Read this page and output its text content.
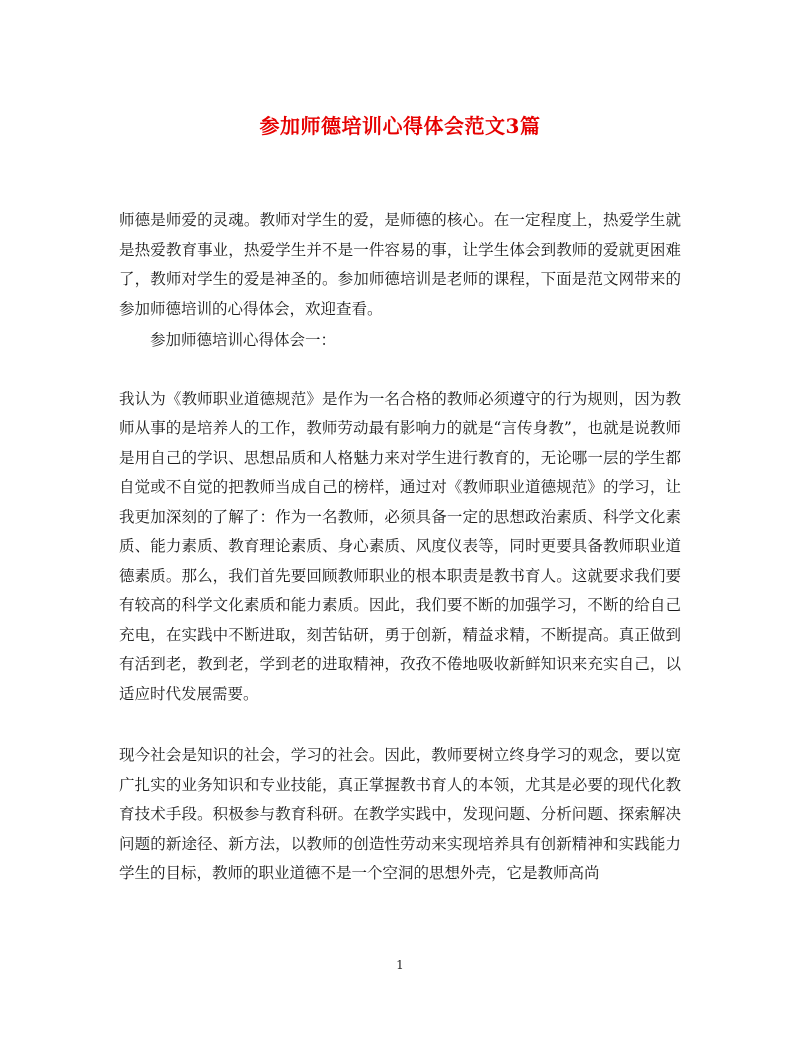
参加师德培训心得体会范文3篇

师德是师爱的灵魂。教师对学生的爱，是师德的核心。在一定程度上，热爱学生就是热爱教育事业，热爱学生并不是一件容易的事，让学生体会到教师的爱就更困难了，教师对学生的爱是神圣的。参加师德培训是老师的课程，下面是范文网带来的参加师德培训的心得体会，欢迎查看。

参加师德培训心得体会一：

我认为《教师职业道德规范》是作为一名合格的教师必须遵守的行为规则，因为教师从事的是培养人的工作，教师劳动最有影响力的就是“言传身教”，也就是说教师是用自己的学识、思想品质和人格魅力来对学生进行教育的，无论哪一层的学生都自觉或不自觉的把教师当成自己的榜样，通过对《教师职业道德规范》的学习，让我更加深刻的了解了：作为一名教师，必须具备一定的思想政治素质、科学文化素质、能力素质、教育理论素质、身心素质、风度仪表等，同时更要具备教师职业道德素质。那么，我们首先要回顾教师职业的根本职责是教书育人。这就要求我们要有较高的科学文化素质和能力素质。因此，我们要不断的加强学习，不断的给自己充电，在实践中不断进取，刻苦钻研，勇于创新，精益求精，不断提高。真正做到有活到老，教到老，学到老的进取精神，孜孜不倦地吸收新鲜知识来充实自己，以适应时代发展需要。

现今社会是知识的社会，学习的社会。因此，教师要树立终身学习的观念，要以宽广扎实的业务知识和专业技能，真正掌握教书育人的本领，尤其是必要的现代化教育技术手段。积极参与教育科研。在教学实践中，发现问题、分析问题、探索解决问题的新途径、新方法，以教师的创造性劳动来实现培养具有创新精神和实践能力学生的目标，教师的职业道德不是一个空洞的思想外壳，它是教师高尚

1
